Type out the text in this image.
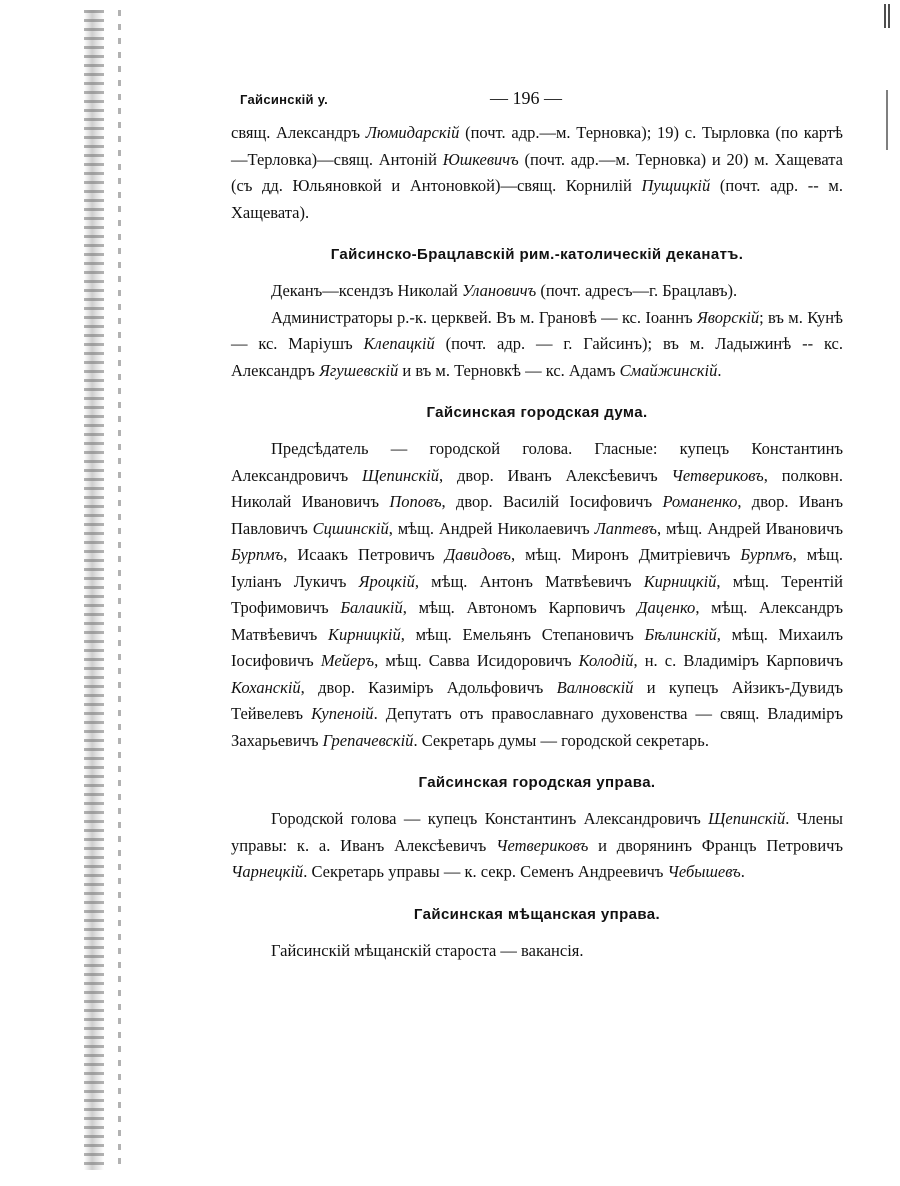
Гайсинскій у.	— 196 —

свящ. Александръ Люмидарскій (почт. адр.—м. Терновка); 19) с. Тырловка (по картѣ—Терловка)—свящ. Антоній Юшкевичъ (почт. адр.—м. Терновка) и 20) м. Хащевата (съ дд. Юльяновкой и Антоновкой)—свящ. Корнилій Пущицкій (почт. адр. -- м. Хащевата).

Гайсинско-Брацлавскій рим.-католическій деканатъ.

Деканъ—ксендзъ Николай Улановичъ (почт. адресъ—г. Брацлавъ).

Администраторы р.-к. церквей. Въ м. Грановѣ — кс. Іоаннъ Яворскій; въ м. Кунѣ — кс. Маріушъ Клепацкій (почт. адр. — г. Гайсинъ); въ м. Ладыжинѣ -- кс. Александръ Ягушевскій и въ м. Терновкѣ — кс. Адамъ Смайжинскій.

Гайсинская городская дума.

Предсѣдатель — городской голова. Гласные: купецъ Константинъ Александровичъ Щепинскій, двор. Иванъ Алексѣевичъ Четвериковъ, полковн. Николай Ивановичъ Поповъ, двор. Василій Іосифовичъ Романенко, двор. Иванъ Павловичъ Сцшинскій, мѣщ. Андрей Николаевичъ Лаптевъ, мѣщ. Андрей Ивановичъ Бурпмъ, Исаакъ Петровичъ Давидовъ, мѣщ. Миронъ Дмитріевичъ Бурпмъ, мѣщ. Іуліанъ Лукичъ Яроцкій, мѣщ. Антонъ Матвѣевичъ Кирницкій, мѣщ. Терентій Трофимовичъ Балаикій, мѣщ. Автономъ Карповичъ Даценко, мѣщ. Александръ Матвѣевичъ Кирницкій, мѣщ. Емельянъ Степановичъ Бѣлинскій, мѣщ. Михаилъ Іосифовичъ Мейеръ, мѣщ. Савва Исидоровичъ Колодій, н. с. Владиміръ Карповичъ Коханскій, двор. Казиміръ Адольфовичъ Валновскій и купецъ Айзикъ-Дувидъ Тейвелевъ Купеноій. Депутатъ отъ православнаго духовенства — свящ. Владиміръ Захарьевичъ Грепачевскій. Секретарь думы — городской секретарь.

Гайсинская городская управа.

Городской голова — купецъ Константинъ Александровичъ Щепинскій. Члены управы: к. а. Иванъ Алексѣевичъ Четвериковъ и дворянинъ Францъ Петровичъ Чарнецкій. Секретарь управы — к. секр. Семенъ Андреевичъ Чебышевъ.

Гайсинская мѣщанская управа.

Гайсинскій мѣщанскій староста — вакансія.
